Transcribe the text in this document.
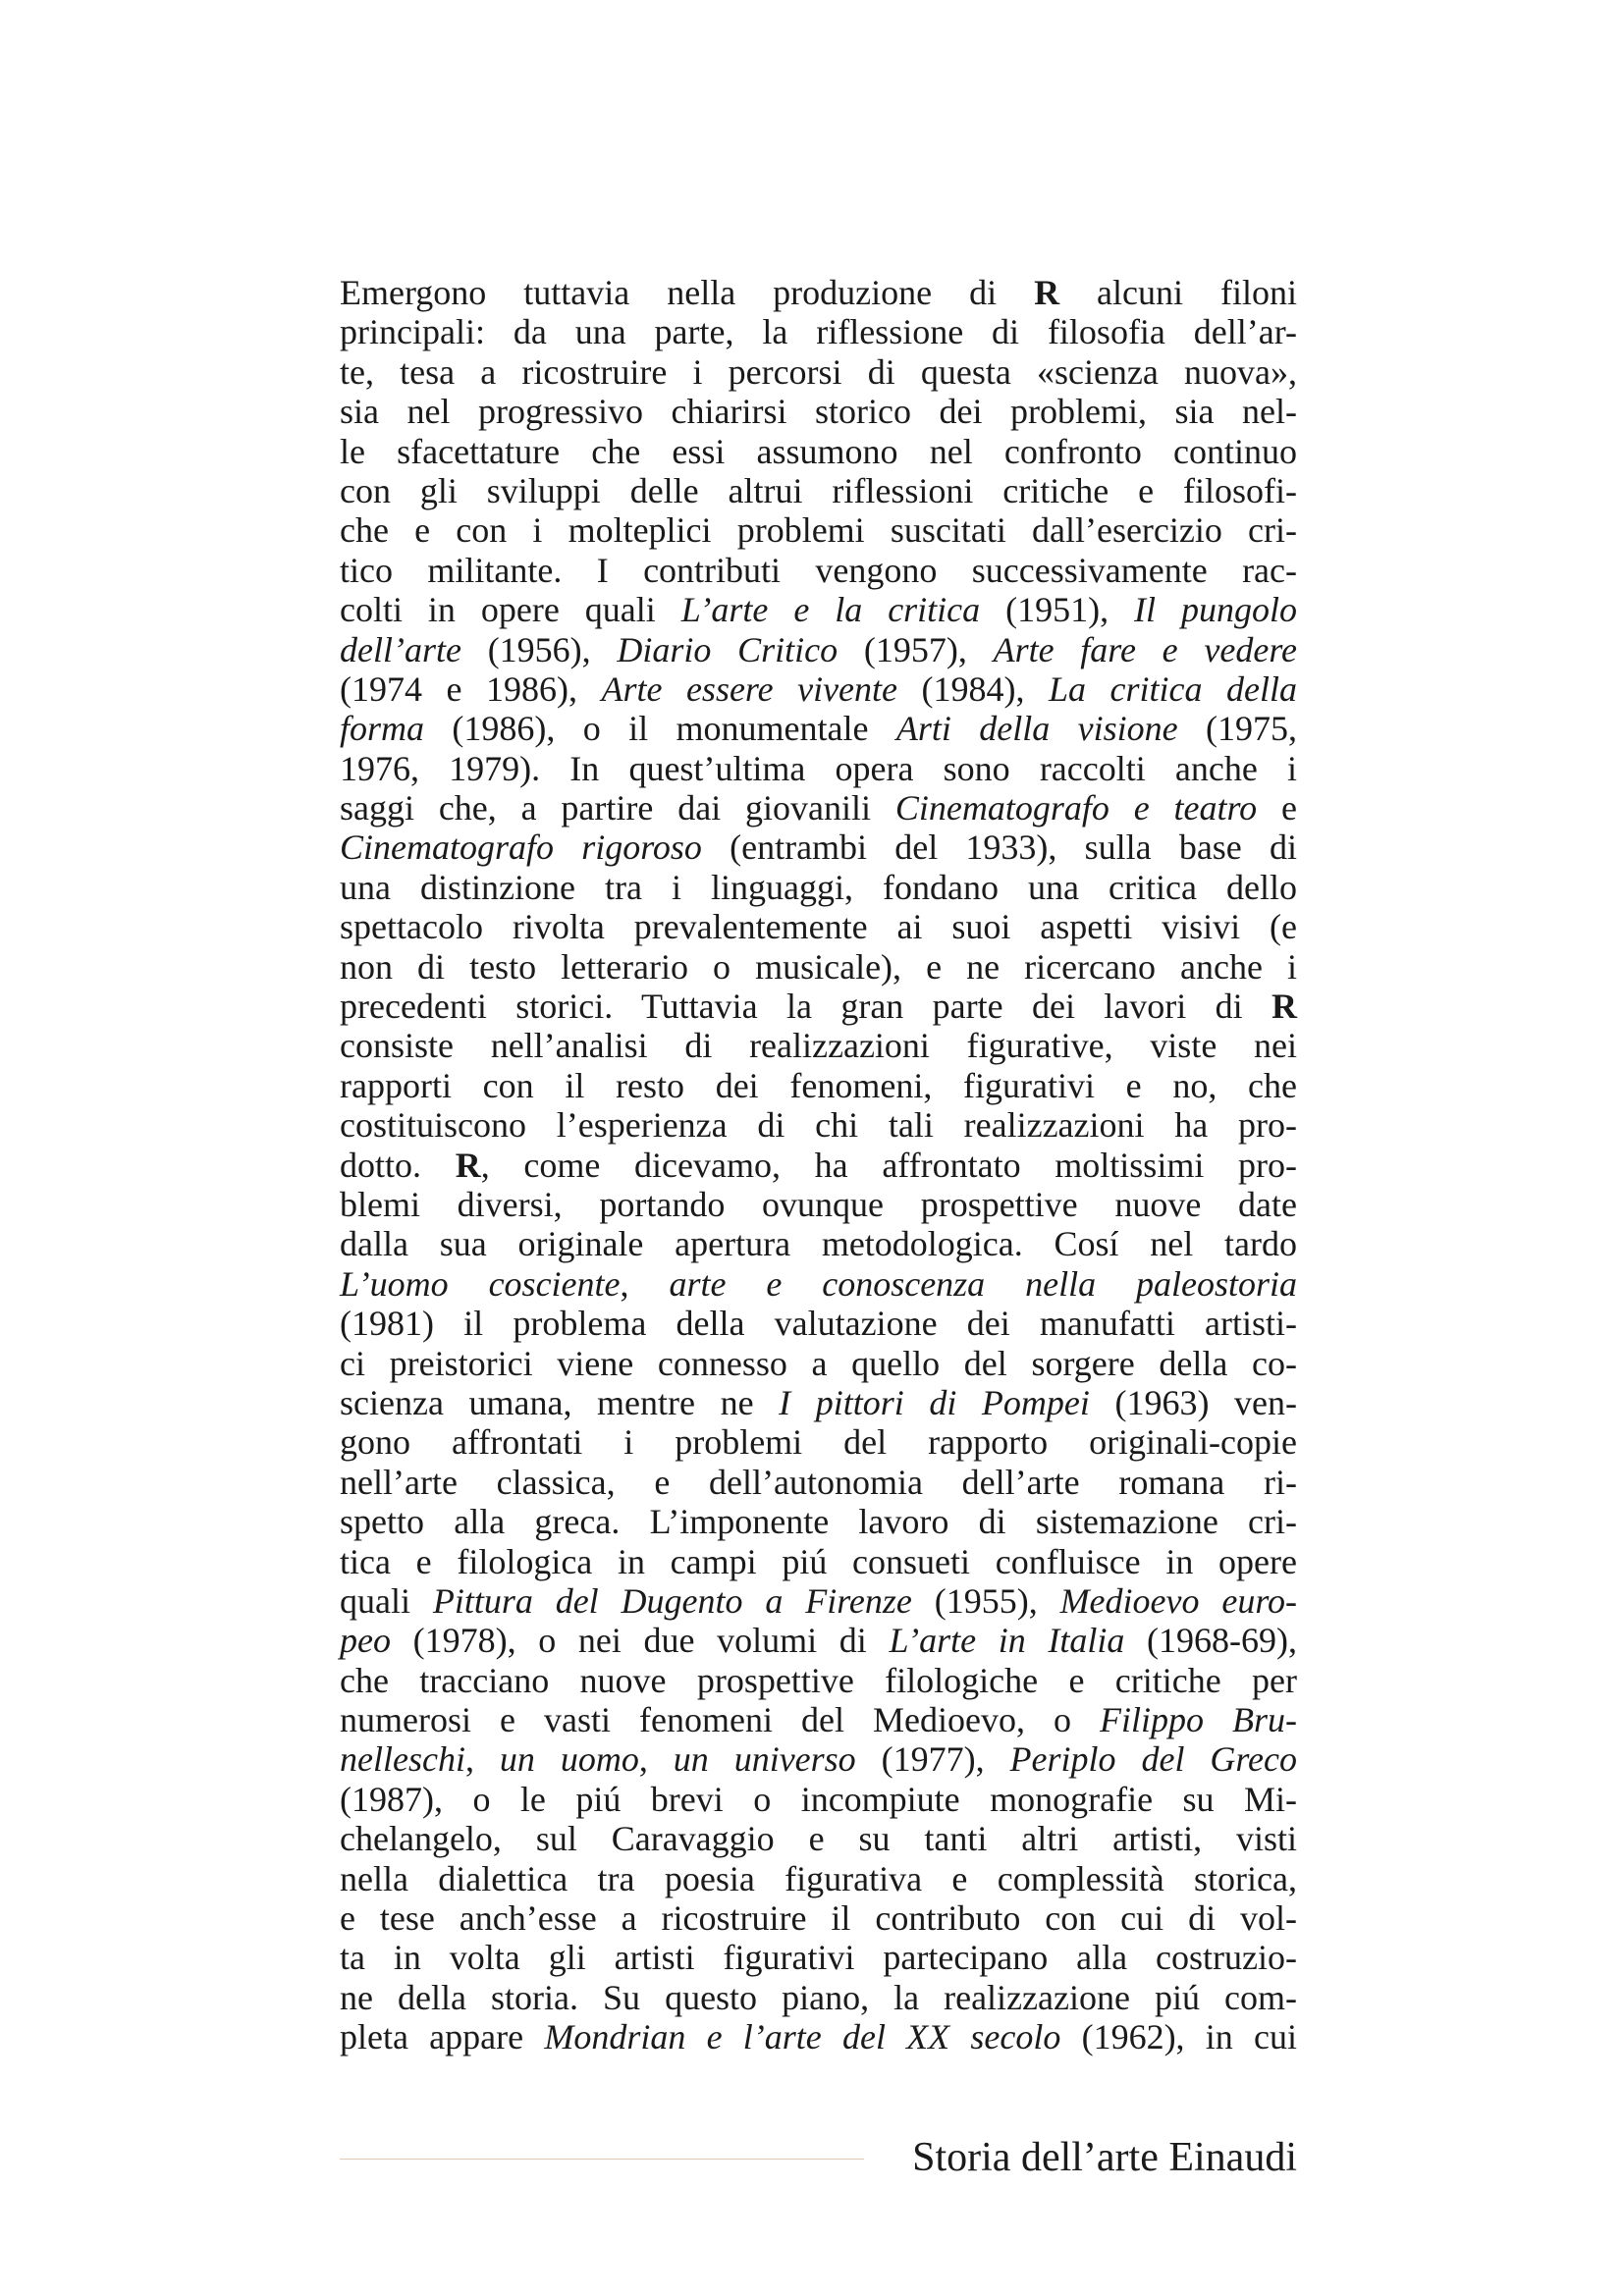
Emergono tuttavia nella produzione di R alcuni filoni
principali: da una parte, la riflessione di filosofia dell’ar-
te, tesa a ricostruire i percorsi di questa «scienza nuova»,
sia nel progressivo chiarirsi storico dei problemi, sia nel-
le sfacettature che essi assumono nel confronto continuo
con gli sviluppi delle altrui riflessioni critiche e filosofi-
che e con i molteplici problemi suscitati dall’esercizio cri-
tico militante. I contributi vengono successivamente rac-
colti in opere quali L’arte e la critica (1951), Il pungolo
dell’arte (1956), Diario Critico (1957), Arte fare e vedere
(1974 e 1986), Arte essere vivente (1984), La critica della
forma (1986), o il monumentale Arti della visione (1975,
1976, 1979). In quest’ultima opera sono raccolti anche i
saggi che, a partire dai giovanili Cinematografo e teatro e
Cinematografo rigoroso (entrambi del 1933), sulla base di
una distinzione tra i linguaggi, fondano una critica dello
spettacolo rivolta prevalentemente ai suoi aspetti visivi (e
non di testo letterario o musicale), e ne ricercano anche i
precedenti storici. Tuttavia la gran parte dei lavori di R
consiste nell’analisi di realizzazioni figurative, viste nei
rapporti con il resto dei fenomeni, figurativi e no, che
costituiscono l’esperienza di chi tali realizzazioni ha pro-
dotto. R, come dicevamo, ha affrontato moltissimi pro-
blemi diversi, portando ovunque prospettive nuove date
dalla sua originale apertura metodologica. Cosí nel tardo
L’uomo cosciente, arte e conoscenza nella paleostoria
(1981) il problema della valutazione dei manufatti artisti-
ci preistorici viene connesso a quello del sorgere della co-
scienza umana, mentre ne I pittori di Pompei (1963) ven-
gono affrontati i problemi del rapporto originali-copie
nell’arte classica, e dell’autonomia dell’arte romana ri-
spetto alla greca. L’imponente lavoro di sistemazione cri-
tica e filologica in campi piú consueti confluisce in opere
quali Pittura del Dugento a Firenze (1955), Medioevo euro-
peo (1978), o nei due volumi di L’arte in Italia (1968-69),
che tracciano nuove prospettive filologiche e critiche per
numerosi e vasti fenomeni del Medioevo, o Filippo Bru-
nelleschi, un uomo, un universo (1977), Periplo del Greco
(1987), o le piú brevi o incompiute monografie su Mi-
chelangelo, sul Caravaggio e su tanti altri artisti, visti
nella dialettica tra poesia figurativa e complessità storica,
e tese anch’esse a ricostruire il contributo con cui di vol-
ta in volta gli artisti figurativi partecipano alla costruzio-
ne della storia. Su questo piano, la realizzazione piú com-
pleta appare Mondrian e l’arte del XX secolo (1962), in cui
Storia dell’arte Einaudi
